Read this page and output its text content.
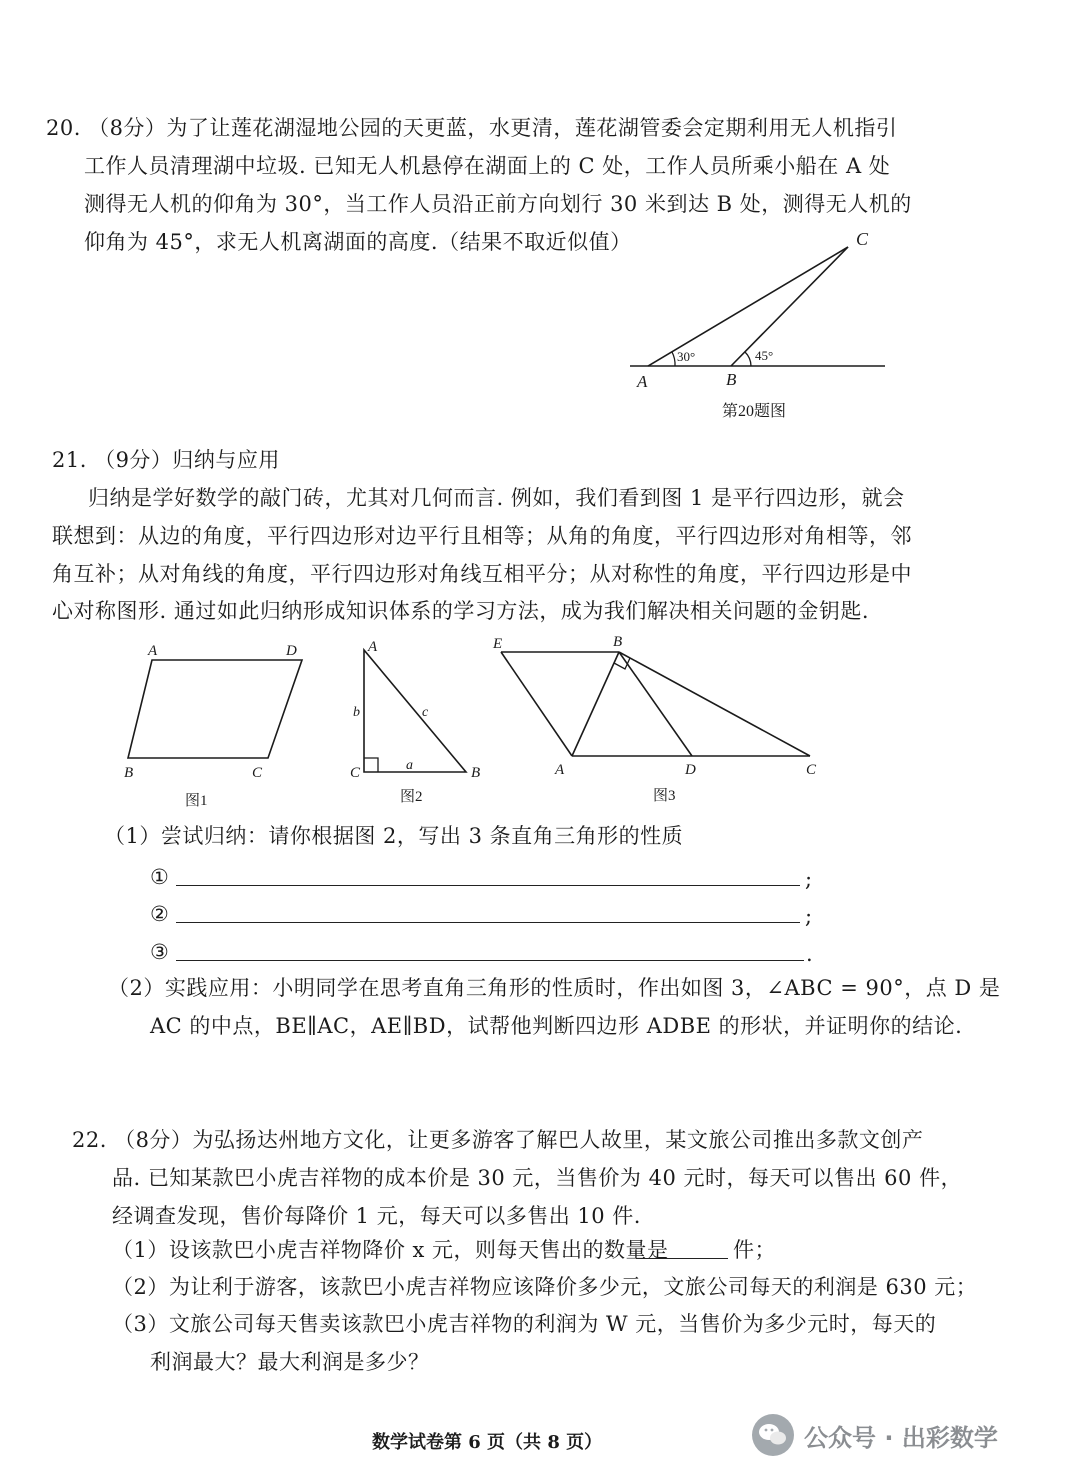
20. （8分）为了让莲花湖湿地公园的天更蓝，水更清，莲花湖管委会定期利用无人机指引
工作人员清理湖中垃圾. 已知无人机悬停在湖面上的 C 处，工作人员所乘小船在 A 处
测得无人机的仰角为 30°，当工作人员沿正前方向划行 30 米到达 B 处，测得无人机的
仰角为 45°，求无人机离湖面的高度.（结果不取近似值）	C
A	B
30°	45°
第20题图
21. （9分）归纳与应用
归纳是学好数学的敲门砖，尤其对几何而言. 例如，我们看到图 1 是平行四边形，就会
联想到：从边的角度，平行四边形对边平行且相等；从角的角度，平行四边形对角相等，邻
角互补；从对角线的角度，平行四边形对角线互相平分；从对称性的角度，平行四边形是中
心对称图形. 通过如此归纳形成知识体系的学习方法，成为我们解决相关问题的金钥匙.
A	D
B	C
图1
A
C	B
b	c
a
图2
E	B
A	D	C
图3
（1）尝试归纳：请你根据图 2，写出 3 条直角三角形的性质
①	;
②	;
③	.
（2）实践应用：小明同学在思考直角三角形的性质时，作出如图 3，∠ABC = 90°，点 D 是
AC 的中点，BE∥AC，AE∥BD，试帮他判断四边形 ADBE 的形状，并证明你的结论.
22. （8分）为弘扬达州地方文化，让更多游客了解巴人故里，某文旅公司推出多款文创产
品. 已知某款巴小虎吉祥物的成本价是 30 元，当售价为 40 元时，每天可以售出 60 件，
经调查发现，售价每降价 1 元，每天可以多售出 10 件.
（1）设该款巴小虎吉祥物降价 x 元，则每天售出的数量是	件；
（2）为让利于游客，该款巴小虎吉祥物应该降价多少元，文旅公司每天的利润是 630 元；
（3）文旅公司每天售卖该款巴小虎吉祥物的利润为 W 元，当售价为多少元时，每天的
利润最大？最大利润是多少？
数学试卷第 6 页（共 8 页）	公众号 · 出彩数学
